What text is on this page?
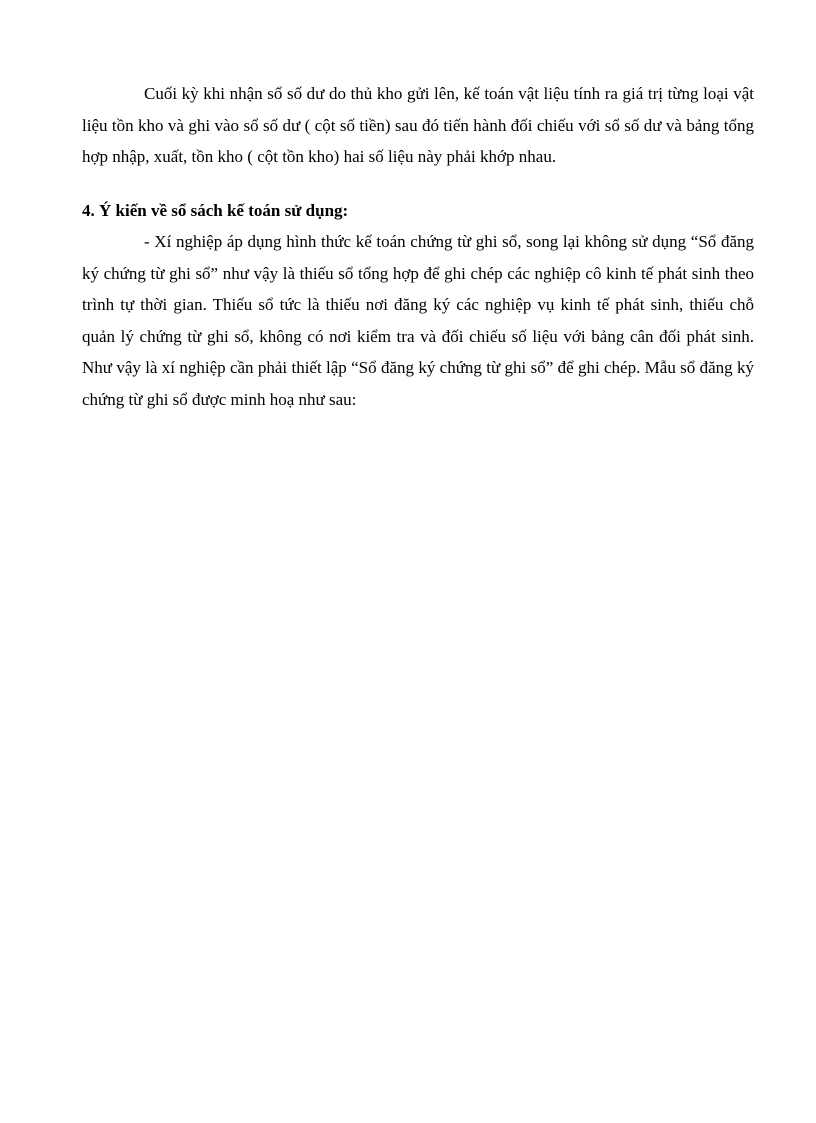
Cuối kỳ khi nhận sổ số dư do thủ kho gửi lên, kế toán vật liệu tính ra giá trị từng loại vật liệu tồn kho và ghi vào sổ số dư ( cột số tiền) sau đó tiến hành đối chiếu với sổ số dư và bảng tổng hợp nhập, xuất, tồn kho ( cột tồn kho) hai số liệu này phải khớp nhau.

4. Ý kiến về sổ sách kế toán sử dụng:

- Xí nghiệp áp dụng hình thức kế toán chứng từ ghi sổ, song lại không sử dụng “Sổ đăng ký chứng từ ghi sổ” như vậy là thiếu sổ tổng hợp để ghi chép các nghiệp cô kinh tế phát sinh theo trình tự thời gian. Thiếu sổ tức là thiếu nơi đăng ký các nghiệp vụ kinh tế phát sinh, thiếu chỗ quản lý chứng từ ghi sổ, không có nơi kiểm tra và đối chiếu số liệu với bảng cân đối phát sinh. Như vậy là xí nghiệp cần phải thiết lập “Sổ đăng ký chứng từ ghi sổ” để ghi chép. Mẫu sổ đăng ký chứng từ ghi sổ được minh hoạ như sau:
